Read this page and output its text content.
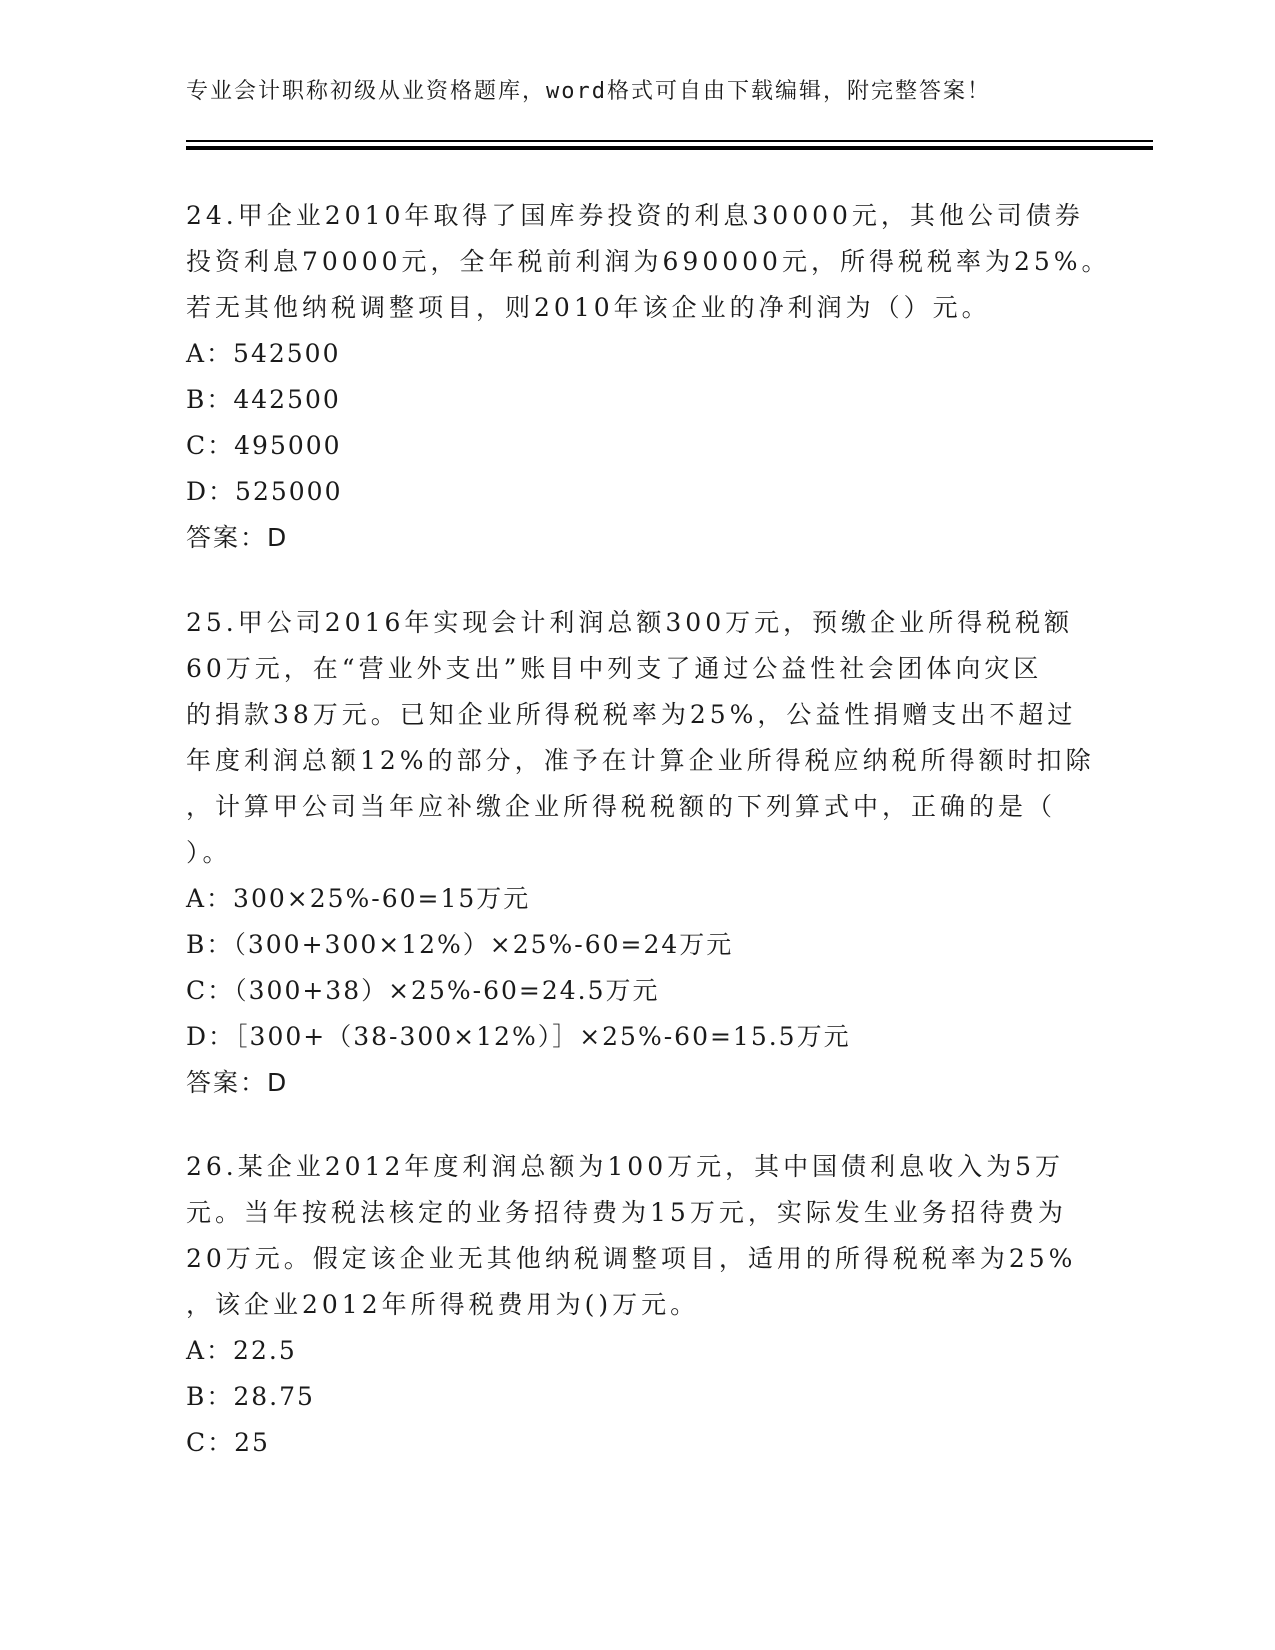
专业会计职称初级从业资格题库，word格式可自由下载编辑，附完整答案！
24.甲企业2010年取得了国库券投资的利息30000元，其他公司债券
投资利息70000元，全年税前利润为690000元，所得税税率为25%。
若无其他纳税调整项目，则2010年该企业的净利润为（）元。
A：542500
B：442500
C：495000
D：525000
答案：D
25.甲公司2016年实现会计利润总额300万元，预缴企业所得税税额
60万元，在“营业外支出”账目中列支了通过公益性社会团体向灾区
的捐款38万元。已知企业所得税税率为25%，公益性捐赠支出不超过
年度利润总额12%的部分，准予在计算企业所得税应纳税所得额时扣除
，计算甲公司当年应补缴企业所得税税额的下列算式中，正确的是（
）。
A：300×25%-60=15万元
B：（300+300×12%）×25%-60=24万元
C：（300+38）×25%-60=24.5万元
D：［300+（38-300×12%）］×25%-60=15.5万元
答案：D
26.某企业2012年度利润总额为100万元，其中国债利息收入为5万
元。当年按税法核定的业务招待费为15万元，实际发生业务招待费为
20万元。假定该企业无其他纳税调整项目，适用的所得税税率为25%
，该企业2012年所得税费用为()万元。
A：22.5
B：28.75
C：25
